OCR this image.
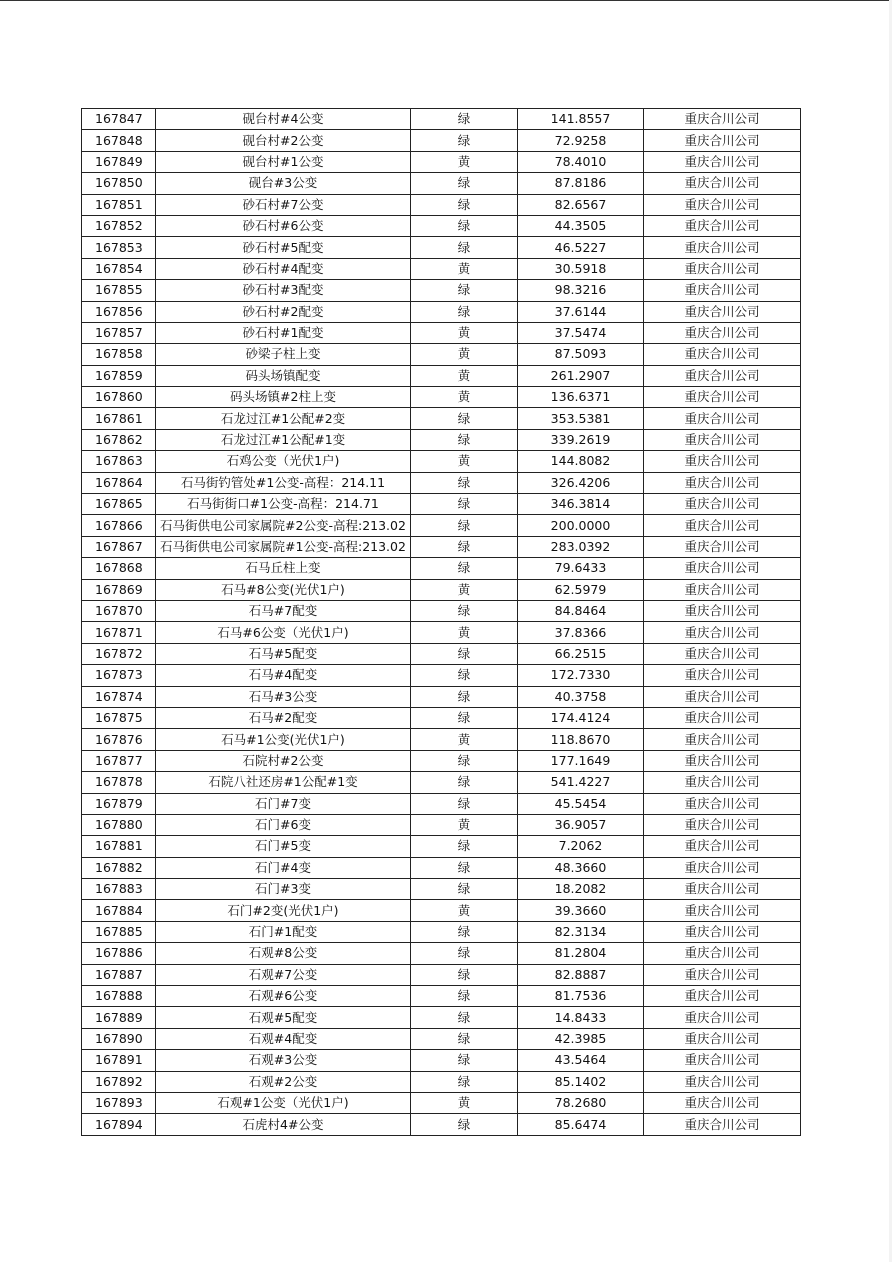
167847	砚台村#4公变	绿	141.8557	重庆合川公司
167848	砚台村#2公变	绿	72.9258	重庆合川公司
167849	砚台村#1公变	黄	78.4010	重庆合川公司
167850	砚台#3公变	绿	87.8186	重庆合川公司
167851	砂石村#7公变	绿	82.6567	重庆合川公司
167852	砂石村#6公变	绿	44.3505	重庆合川公司
167853	砂石村#5配变	绿	46.5227	重庆合川公司
167854	砂石村#4配变	黄	30.5918	重庆合川公司
167855	砂石村#3配变	绿	98.3216	重庆合川公司
167856	砂石村#2配变	绿	37.6144	重庆合川公司
167857	砂石村#1配变	黄	37.5474	重庆合川公司
167858	砂梁子柱上变	黄	87.5093	重庆合川公司
167859	码头场镇配变	黄	261.2907	重庆合川公司
167860	码头场镇#2柱上变	黄	136.6371	重庆合川公司
167861	石龙过江#1公配#2变	绿	353.5381	重庆合川公司
167862	石龙过江#1公配#1变	绿	339.2619	重庆合川公司
167863	石鸡公变（光伏1户)	黄	144.8082	重庆合川公司
167864	石马街钓管处#1公变-高程：214.11	绿	326.4206	重庆合川公司
167865	石马街街口#1公变-高程：214.71	绿	346.3814	重庆合川公司
167866	石马街供电公司家属院#2公变-高程:213.02	绿	200.0000	重庆合川公司
167867	石马街供电公司家属院#1公变-高程:213.02	绿	283.0392	重庆合川公司
167868	石马丘柱上变	绿	79.6433	重庆合川公司
167869	石马#8公变(光伏1户)	黄	62.5979	重庆合川公司
167870	石马#7配变	绿	84.8464	重庆合川公司
167871	石马#6公变（光伏1户)	黄	37.8366	重庆合川公司
167872	石马#5配变	绿	66.2515	重庆合川公司
167873	石马#4配变	绿	172.7330	重庆合川公司
167874	石马#3公变	绿	40.3758	重庆合川公司
167875	石马#2配变	绿	174.4124	重庆合川公司
167876	石马#1公变(光伏1户)	黄	118.8670	重庆合川公司
167877	石院村#2公变	绿	177.1649	重庆合川公司
167878	石院八社还房#1公配#1变	绿	541.4227	重庆合川公司
167879	石门#7变	绿	45.5454	重庆合川公司
167880	石门#6变	黄	36.9057	重庆合川公司
167881	石门#5变	绿	7.2062	重庆合川公司
167882	石门#4变	绿	48.3660	重庆合川公司
167883	石门#3变	绿	18.2082	重庆合川公司
167884	石门#2变(光伏1户)	黄	39.3660	重庆合川公司
167885	石门#1配变	绿	82.3134	重庆合川公司
167886	石观#8公变	绿	81.2804	重庆合川公司
167887	石观#7公变	绿	82.8887	重庆合川公司
167888	石观#6公变	绿	81.7536	重庆合川公司
167889	石观#5配变	绿	14.8433	重庆合川公司
167890	石观#4配变	绿	42.3985	重庆合川公司
167891	石观#3公变	绿	43.5464	重庆合川公司
167892	石观#2公变	绿	85.1402	重庆合川公司
167893	石观#1公变（光伏1户)	黄	78.2680	重庆合川公司
167894	石虎村4#公变	绿	85.6474	重庆合川公司
